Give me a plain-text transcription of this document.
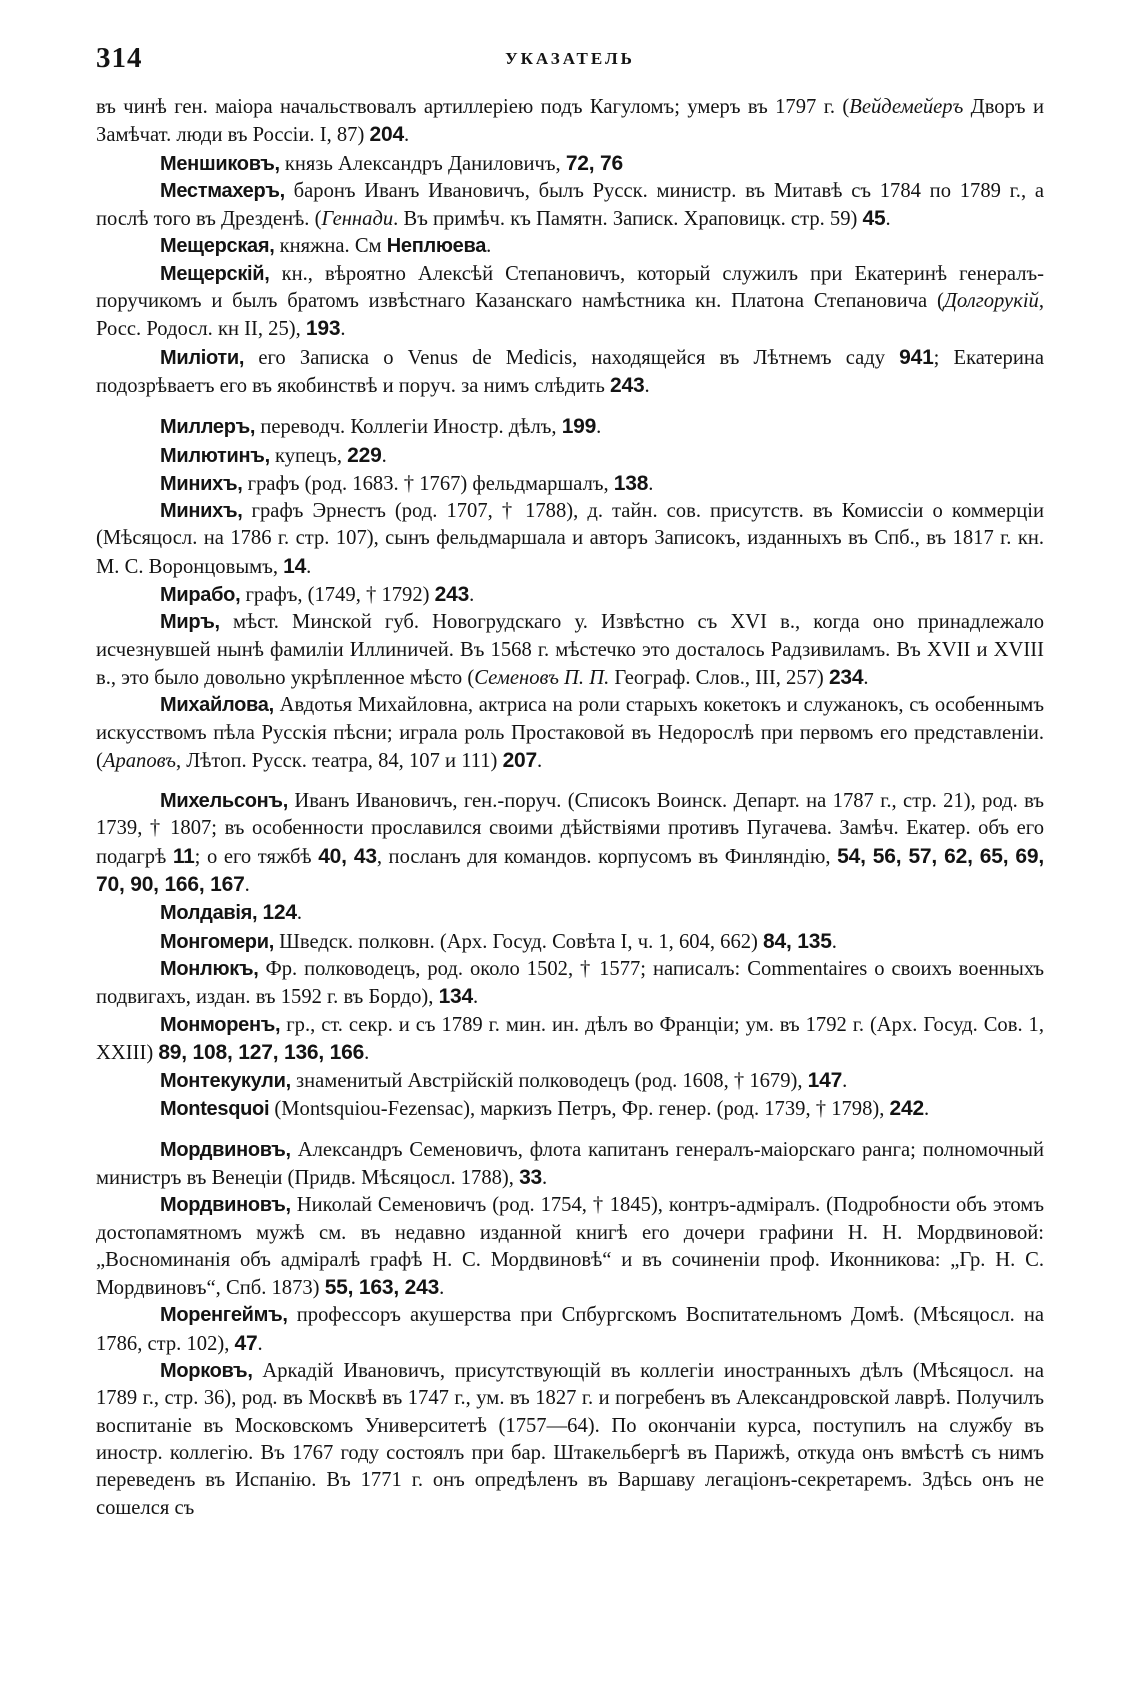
314	УКАЗАТЕЛЬ

въ чинѣ ген. маіора начальствовалъ артиллеріею подъ Кагуломъ; умеръ въ 1797 г. (Вейдемейеръ Дворъ и Замѣчат. люди въ Россіи. I, 87) 204.

Меншиковъ, князь Александръ Даниловичъ, 72, 76

Местмахеръ, баронъ Иванъ Ивановичъ, былъ Русск. министр. въ Митавѣ съ 1784 по 1789 г., а послѣ того въ Дрезденѣ. (Геннади. Въ примѣч. къ Памятн. Записк. Храповицк. стр. 59) 45.

Мещерская, княжна. См Неплюева.

Мещерскій, кн., вѣроятно Алексѣй Степановичъ, который служилъ при Екатеринѣ генералъ-поручикомъ и былъ братомъ извѣстнаго Казанскаго намѣстника кн. Платона Степановича (Долгорукій, Росс. Родосл. кн II, 25), 193.

Миліоти, его Записка о Venus de Medicis, находящейся въ Лѣтнемъ саду 941; Екатерина подозрѣваетъ его въ якобинствѣ и поруч. за нимъ слѣдить 243.

Миллеръ, переводч. Коллегіи Иностр. дѣлъ, 199.

Милютинъ, купецъ, 229.

Минихъ, графъ (род. 1683. † 1767) фельдмаршалъ, 138.

Минихъ, графъ Эрнестъ (род. 1707, † 1788), д. тайн. сов. присутств. въ Комиссіи о коммерціи (Мѣсяцосл. на 1786 г. стр. 107), сынъ фельдмаршала и авторъ Записокъ, изданныхъ въ Спб., въ 1817 г. кн. М. С. Воронцовымъ, 14.

Мирабо, графъ, (1749, † 1792) 243.

Миръ, мѣст. Минской губ. Новогрудскаго у. Извѣстно съ XVI в., когда оно принадлежало исчезнувшей нынѣ фамиліи Иллиничей. Въ 1568 г. мѣстечко это досталось Радзивиламъ. Въ XVII и XVIII в., это было довольно укрѣпленное мѣсто (Семеновъ П. П. Географ. Слов., III, 257) 234.

Михайлова, Авдотья Михайловна, актриса на роли старыхъ кокетокъ и служанокъ, съ особеннымъ искусствомъ пѣла Русскія пѣсни; играла роль Простаковой въ Недорослѣ при первомъ его представленіи. (Араповъ, Лѣтоп. Русск. театра, 84, 107 и 111) 207.

Михельсонъ, Иванъ Ивановичъ, ген.-поруч. (Списокъ Воинск. Департ. на 1787 г., стр. 21), род. въ 1739, † 1807; въ особенности прославился своими дѣйствіями противъ Пугачева. Замѣч. Екатер. объ его подагрѣ 11; о его тяжбѣ 40, 43, посланъ для командов. корпусомъ въ Финляндію, 54, 56, 57, 62, 65, 69, 70, 90, 166, 167.

Молдавія, 124.

Монгомери, Шведск. полковн. (Арх. Госуд. Совѣта I, ч. 1, 604, 662) 84, 135.

Монлюкъ, Фр. полководецъ, род. около 1502, † 1577; написалъ: Commentaires о своихъ военныхъ подвигахъ, издан. въ 1592 г. въ Бордо), 134.

Монморенъ, гр., ст. секр. и съ 1789 г. мин. ин. дѣлъ во Франціи; ум. въ 1792 г. (Арх. Госуд. Сов. 1, XXIII) 89, 108, 127, 136, 166.

Монтекукули, знаменитый Австрійскій полководецъ (род. 1608, † 1679), 147.

Montesquoi (Montsquiou-Fezensac), маркизъ Петръ, Фр. генер. (род. 1739, † 1798), 242.

Мордвиновъ, Александръ Семеновичъ, флота капитанъ генералъ-маіорскаго ранга; полномочный министръ въ Венеціи (Придв. Мѣсяцосл. 1788), 33.

Мордвиновъ, Николай Семеновичъ (род. 1754, † 1845), контръ-адміралъ. (Подробности объ этомъ достопамятномъ мужѣ см. въ недавно изданной книгѣ его дочери графини Н. Н. Мордвиновой: „Восноминанія объ адміралѣ графѣ Н. С. Мордвиновѣ“ и въ сочиненіи проф. Иконникова: „Гр. Н. С. Мордвиновъ“, Спб. 1873) 55, 163, 243.

Моренгеймъ, профессоръ акушерства при Спбургскомъ Воспитательномъ Домѣ. (Мѣсяцосл. на 1786, стр. 102), 47.

Морковъ, Аркадій Ивановичъ, присутствующій въ коллегіи иностранныхъ дѣлъ (Мѣсяцосл. на 1789 г., стр. 36), род. въ Москвѣ въ 1747 г., ум. въ 1827 г. и погребенъ въ Александровской лаврѣ. Получилъ воспитаніе въ Московскомъ Университетѣ (1757—64). По окончаніи курса, поступилъ на службу въ иностр. коллегію. Въ 1767 году состоялъ при бар. Штакельбергѣ въ Парижѣ, откуда онъ вмѣстѣ съ нимъ переведенъ въ Испанію. Въ 1771 г. онъ опредѣленъ въ Варшаву легаціонъ-секретаремъ. Здѣсь онъ не сошелся съ
